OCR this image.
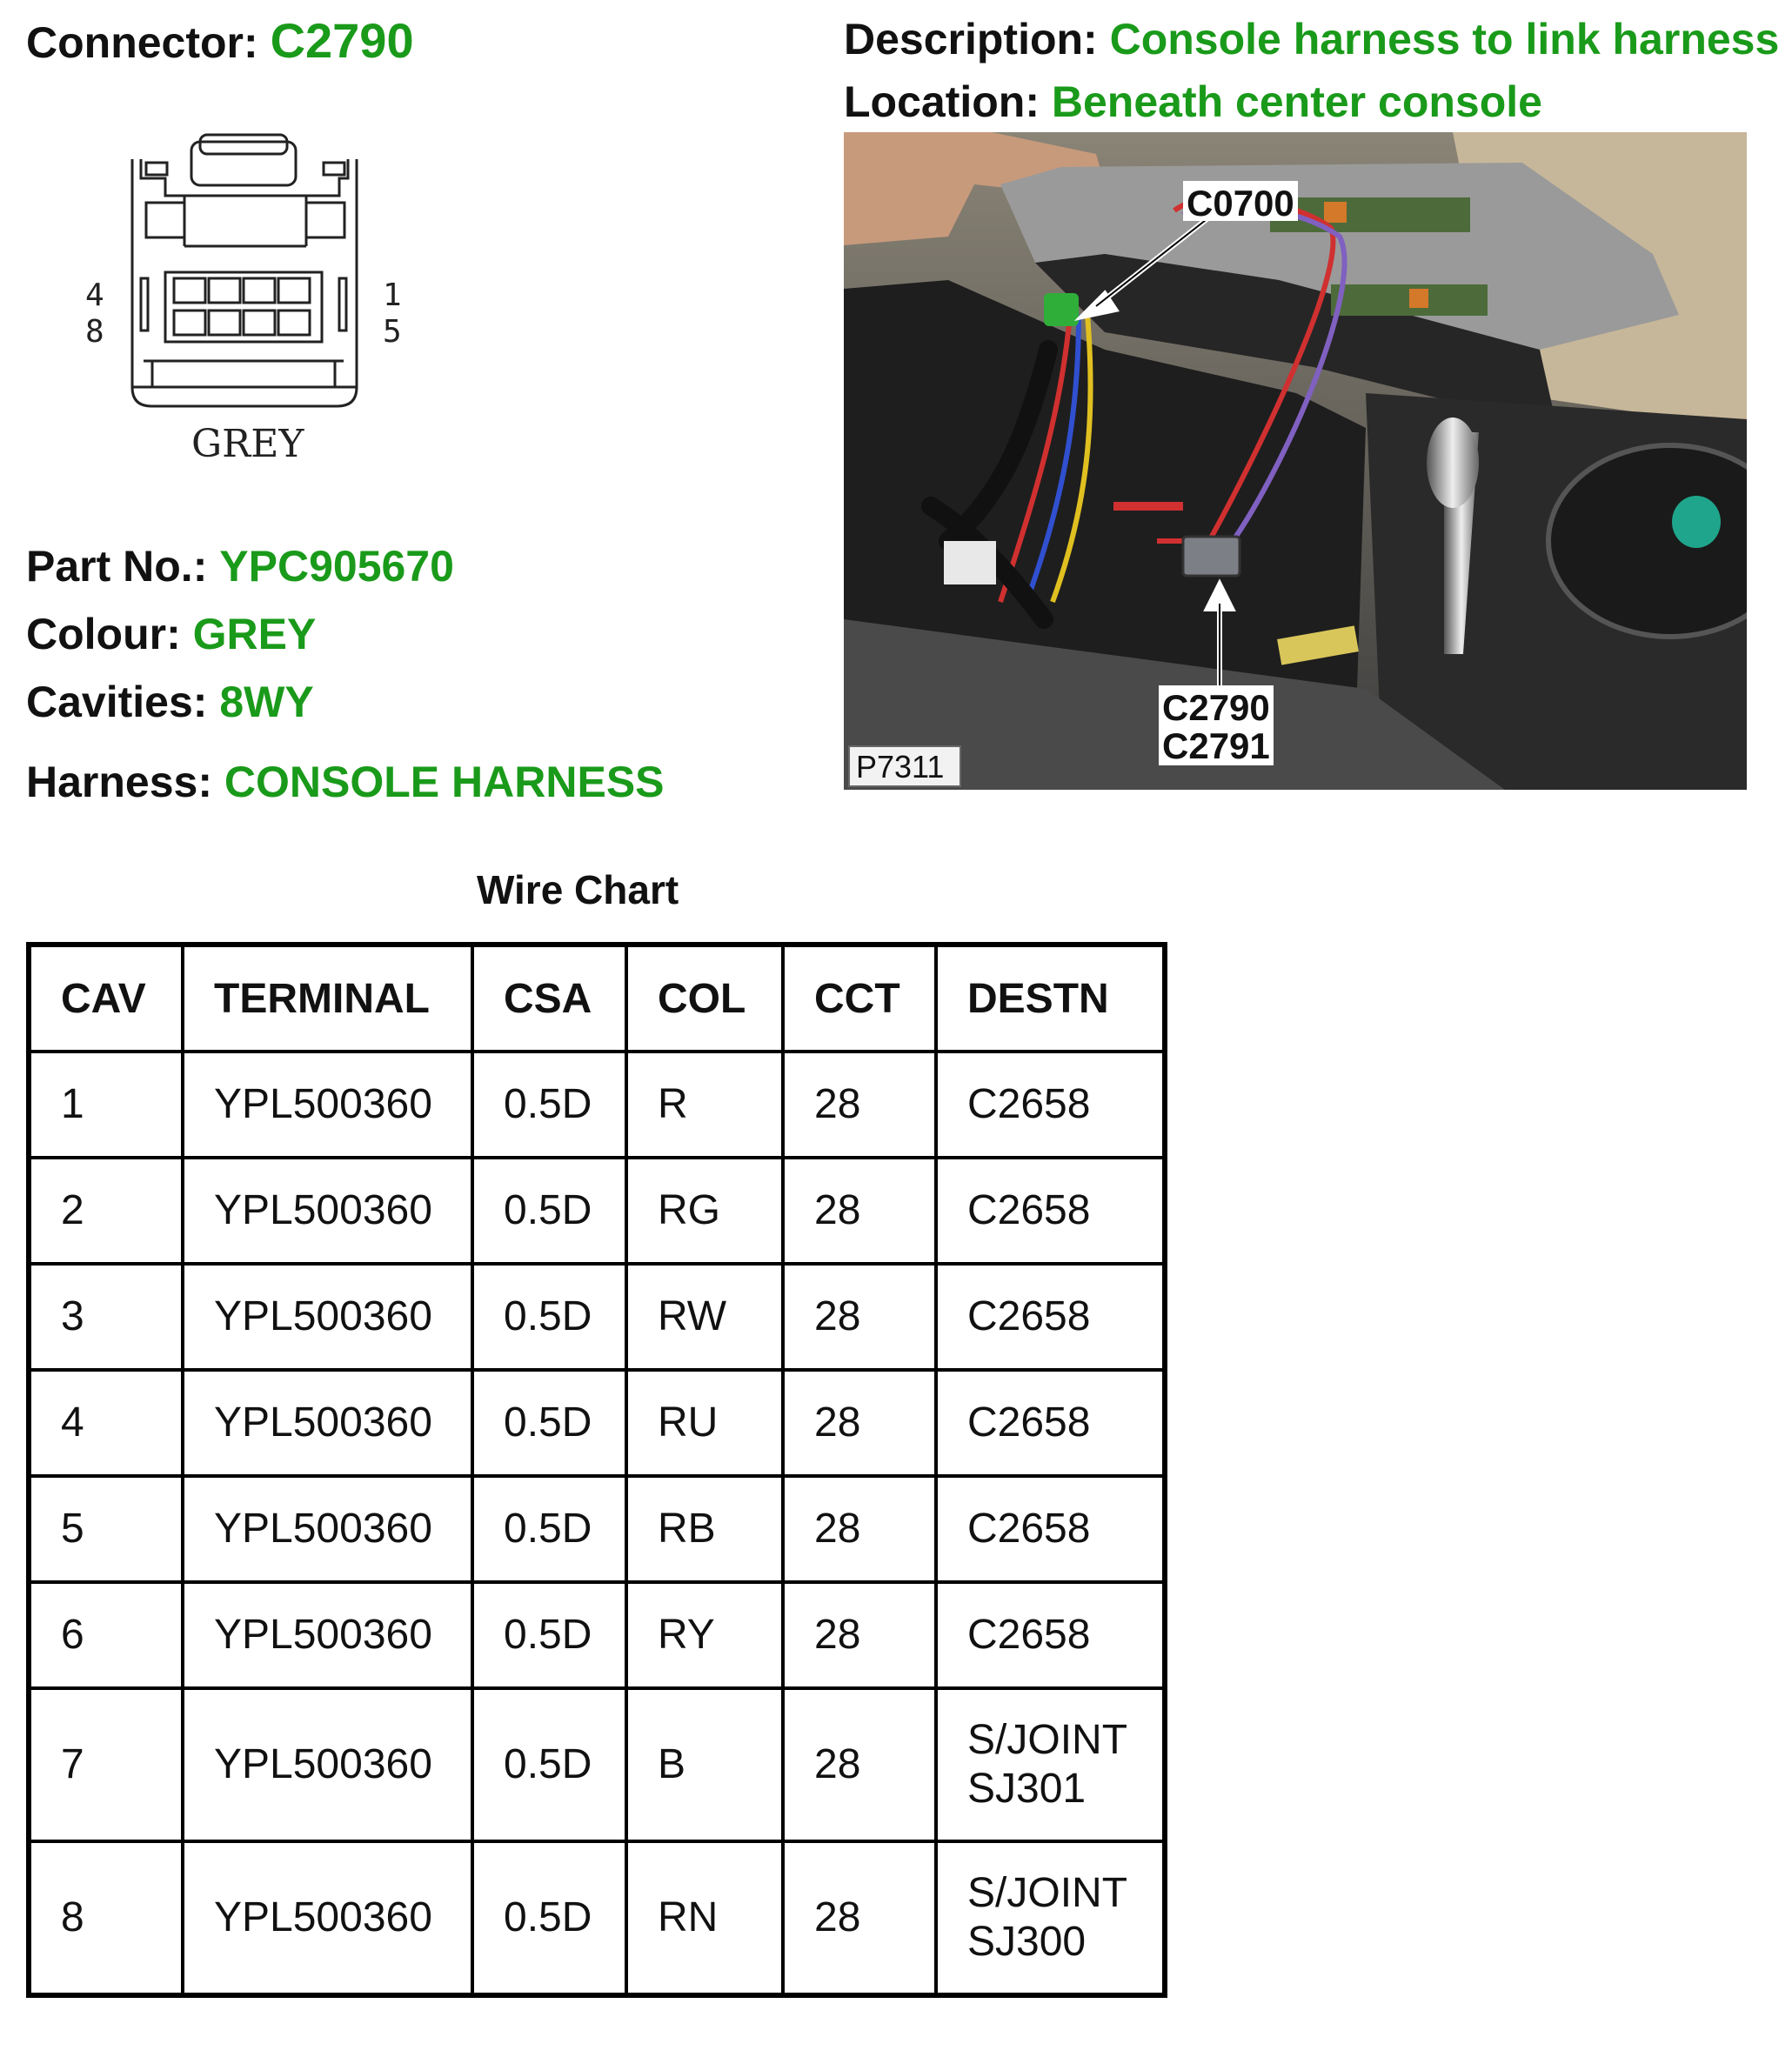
Connector: C2790	Description: Console harness to link harness
Location: Beneath center console
4
8
1
5
GREY
Part No.: YPC905670
Colour: GREY
Cavities: 8WY
Harness: CONSOLE HARNESS
C0700
C2790
C2791
P7311
Wire Chart
CAV	TERMINAL	CSA	COL	CCT	DESTN
1	YPL500360	0.5D	R	28	C2658
2	YPL500360	0.5D	RG	28	C2658
3	YPL500360	0.5D	RW	28	C2658
4	YPL500360	0.5D	RU	28	C2658
5	YPL500360	0.5D	RB	28	C2658
6	YPL500360	0.5D	RY	28	C2658
7	YPL500360	0.5D	B	28	S/JOINT
SJ301

8	YPL500360	0.5D	RN	28	S/JOINT
SJ300
